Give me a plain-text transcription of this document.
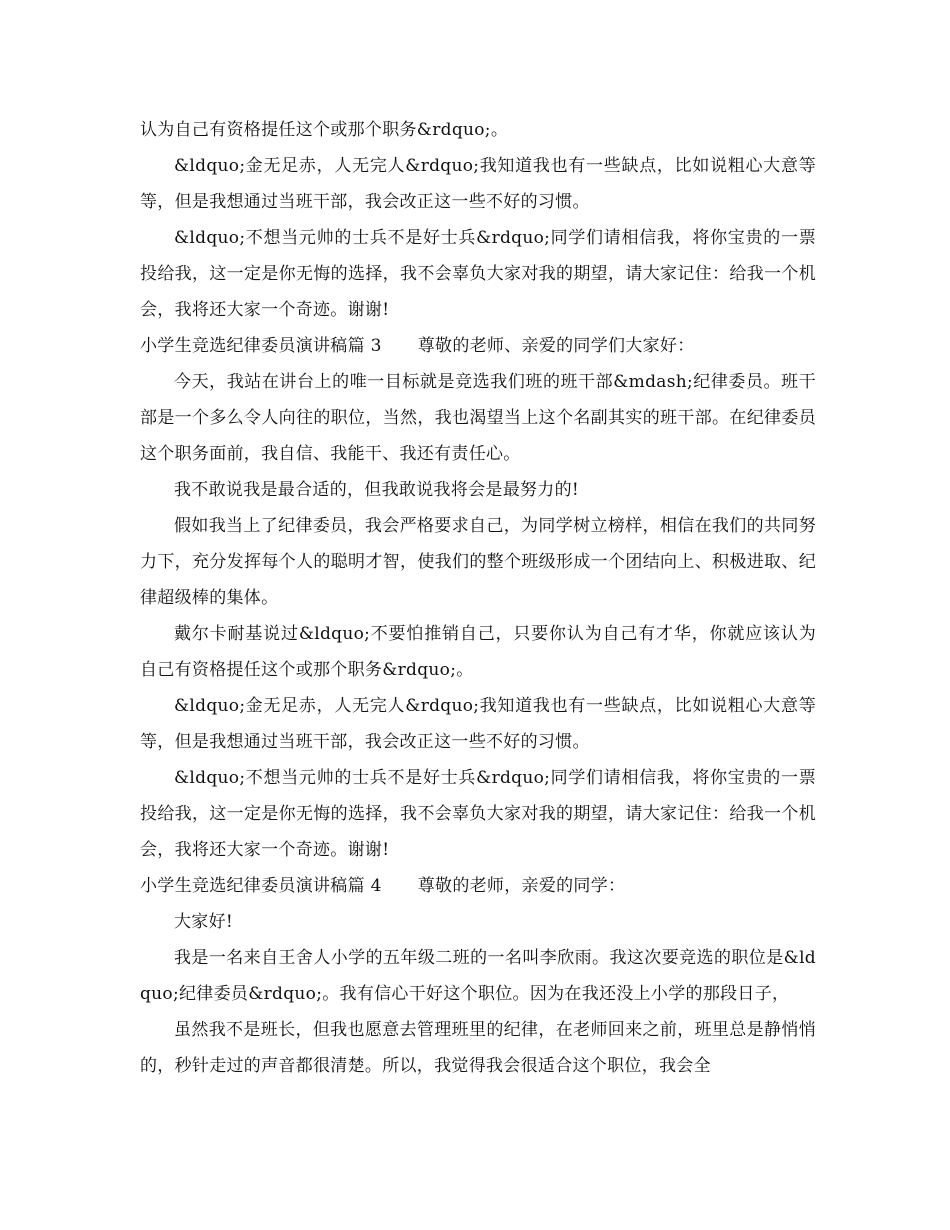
认为自己有资格提任这个或那个职务&rdquo;。

&ldquo;金无足赤，人无完人&rdquo;我知道我也有一些缺点，比如说粗心大意等等，但是我想通过当班干部，我会改正这一些不好的习惯。

&ldquo;不想当元帅的士兵不是好士兵&rdquo;同学们请相信我，将你宝贵的一票投给我，这一定是你无悔的选择，我不会辜负大家对我的期望，请大家记住：给我一个机会，我将还大家一个奇迹。谢谢!

小学生竞选纪律委员演讲稿篇 3 尊敬的老师、亲爱的同学们大家好：

今天，我站在讲台上的唯一目标就是竞选我们班的班干部&mdash;纪律委员。班干部是一个多么令人向往的职位，当然，我也渴望当上这个名副其实的班干部。在纪律委员这个职务面前，我自信、我能干、我还有责任心。

我不敢说我是最合适的，但我敢说我将会是最努力的!

假如我当上了纪律委员，我会严格要求自己，为同学树立榜样，相信在我们的共同努力下，充分发挥每个人的聪明才智，使我们的整个班级形成一个团结向上、积极进取、纪律超级棒的集体。

戴尔卡耐基说过&ldquo;不要怕推销自己，只要你认为自己有才华，你就应该认为自己有资格提任这个或那个职务&rdquo;。

&ldquo;金无足赤，人无完人&rdquo;我知道我也有一些缺点，比如说粗心大意等等，但是我想通过当班干部，我会改正这一些不好的习惯。

&ldquo;不想当元帅的士兵不是好士兵&rdquo;同学们请相信我，将你宝贵的一票投给我，这一定是你无悔的选择，我不会辜负大家对我的期望，请大家记住：给我一个机会，我将还大家一个奇迹。谢谢!

小学生竞选纪律委员演讲稿篇 4 尊敬的老师，亲爱的同学：

大家好!

我是一名来自王舍人小学的五年级二班的一名叫李欣雨。我这次要竞选的职位是&ldquo;纪律委员&rdquo;。我有信心干好这个职位。因为在我还没上小学的那段日子，

虽然我不是班长，但我也愿意去管理班里的纪律，在老师回来之前，班里总是静悄悄的，秒针走过的声音都很清楚。所以，我觉得我会很适合这个职位，我会全
